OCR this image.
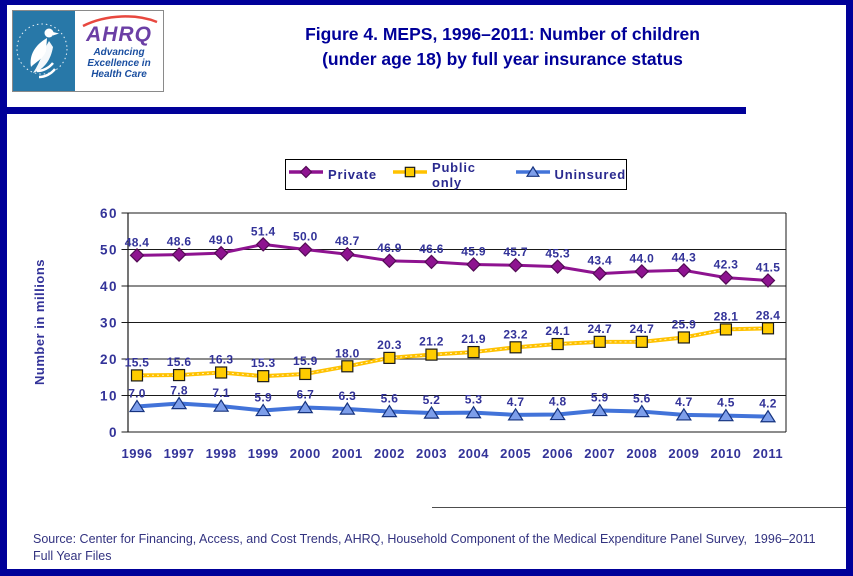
AHRQ
Advancing
Excellence in
Health Care
Figure 4. MEPS, 1996–2011: Number of children
(under age 18) by full year insurance status
Private	Public only	Uninsured
Number in millions
0
10
20
30
40
50
60
48.4 48.6 49.0
51.4 50.0 48.7 46.9 46.6 45.9 45.7 45.3 43.4 44.0 44.3
42.3 41.5
15.5 15.6 16.3 15.3 15.9
18.0
20.3 21.2 21.9 23.2 24.1 24.7 24.7 25.9
28.1 28.4
7.0 7.8 7.1 5.9 6.7 6.3 5.6 5.2 5.3 4.7 4.8 5.9 5.6 4.7 4.5 4.2
1996 1997 1998 1999 2000 2001 2002 2003 2004 2005 2006 2007 2008 2009 2010 2011
Source: Center for Financing, Access, and Cost Trends, AHRQ, Household Component of the Medical Expenditure Panel Survey,  1996–2011 Full Year Files
